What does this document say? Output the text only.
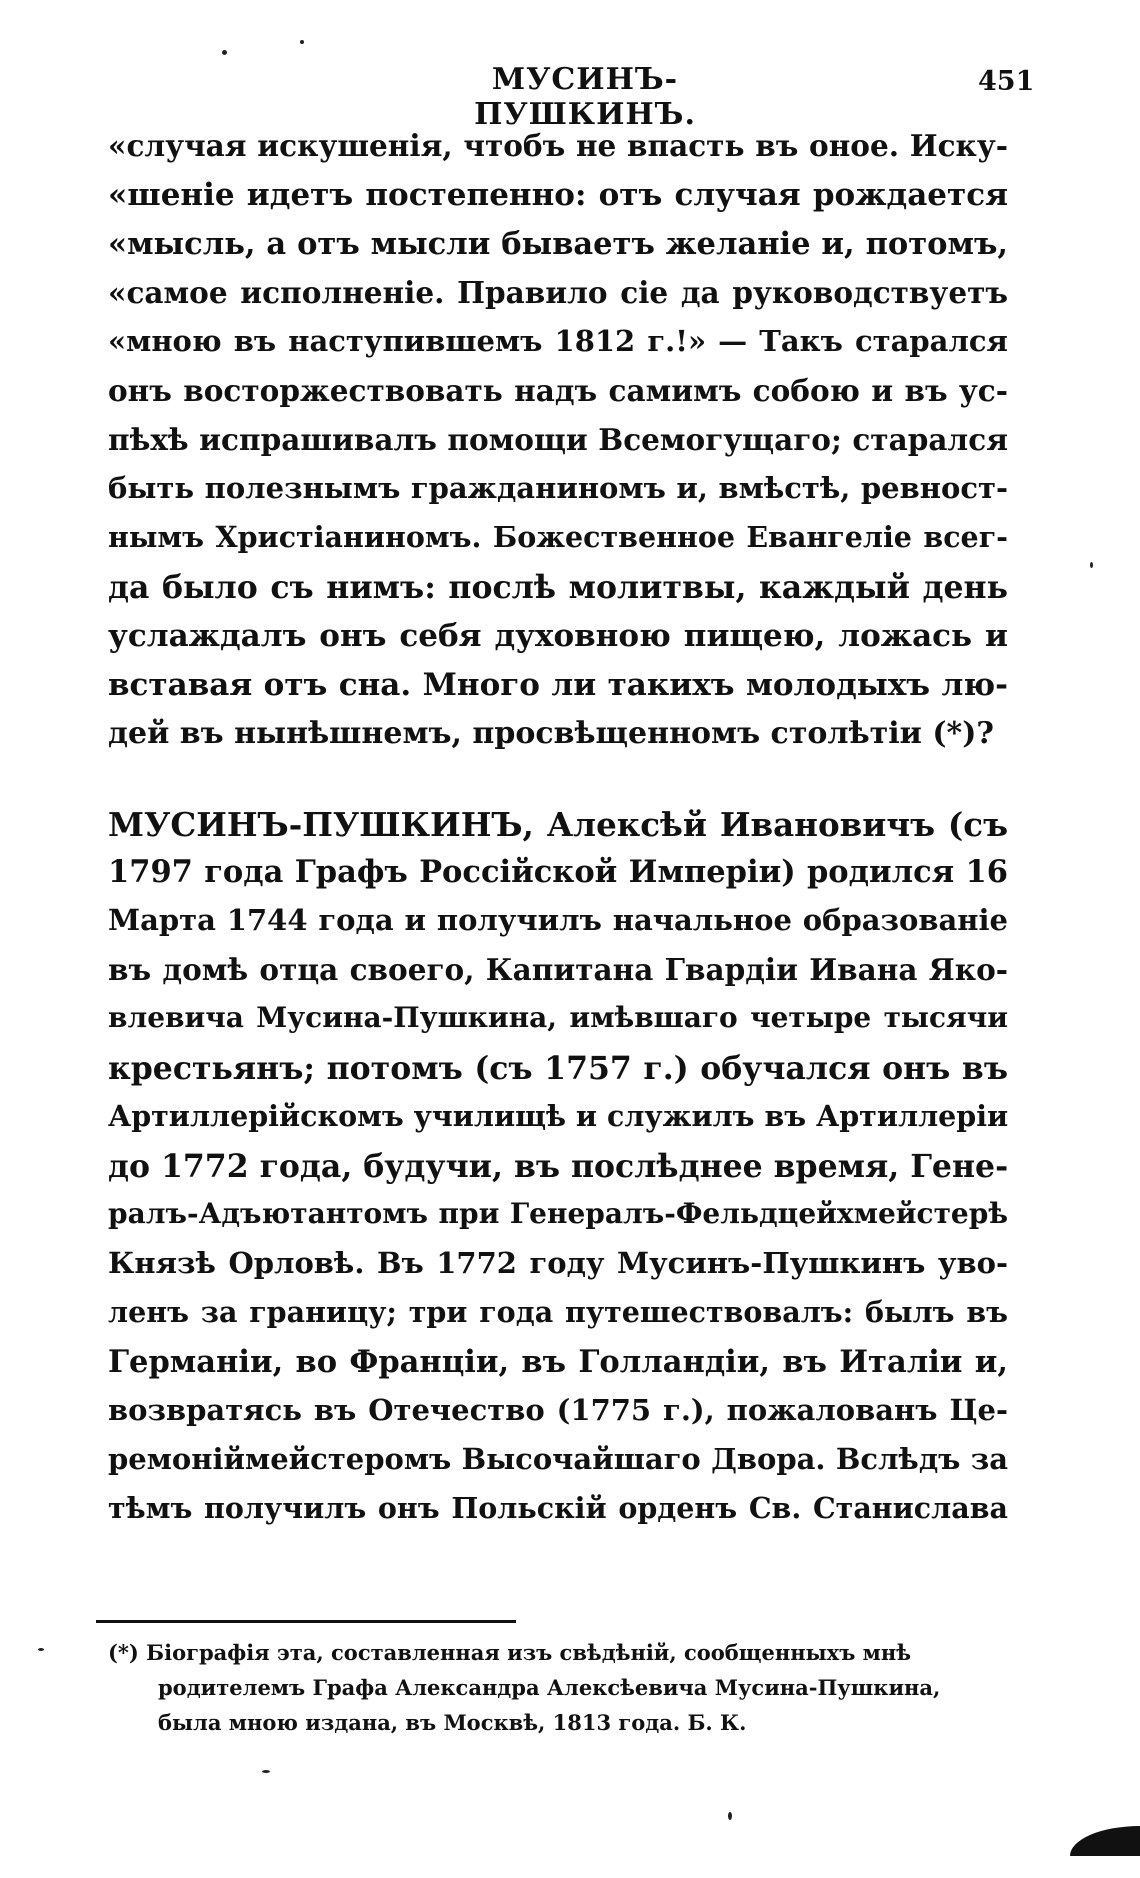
МУСИНЪ-ПУШКИНЪ.
451

«случая искушенія, чтобъ не впасть въ оное. Иску-

«шеніе идетъ постепенно: отъ случая рождается

«мысль, а отъ мысли бываетъ желаніе и, потомъ,

«самое исполненіе. Правило сіе да руководствуетъ

«мною въ наступившемъ 1812 г.!» — Такъ старался

онъ восторжествовать надъ самимъ собою и въ ус-

пѣхѣ испрашивалъ помощи Всемогущаго; старался

быть полезнымъ гражданиномъ и, вмѣстѣ, ревност-

нымъ Христіаниномъ. Божественное Евангеліе всег-

да было съ нимъ: послѣ молитвы, каждый день

услаждалъ онъ себя духовною пищею, ложась и

вставая отъ сна. Много ли такихъ молодыхъ лю-

дей въ нынѣшнемъ, просвѣщенномъ столѣтіи (*)?

МУСИНЪ-ПУШКИНЪ, Алексѣй Ивановичъ (съ

1797 года Графъ Россійской Имперіи) родился 16

Марта 1744 года и получилъ начальное образованіе

въ домѣ отца своего, Капитана Гвардіи Ивана Яко-

влевича Мусина-Пушкина, имѣвшаго четыре тысячи

крестьянъ; потомъ (съ 1757 г.) обучался онъ въ

Артиллерійскомъ училищѣ и служилъ въ Артиллеріи

до 1772 года, будучи, въ послѣднее время, Гене-

ралъ-Адъютантомъ при Генералъ-Фельдцейхмейстерѣ

Князѣ Орловѣ. Въ 1772 году Мусинъ-Пушкинъ уво-

ленъ за границу; три года путешествовалъ: былъ въ

Германіи, во Франціи, въ Голландіи, въ Италіи и,

возвратясь въ Отечество (1775 г.), пожалованъ Це-

ремоніймейстеромъ Высочайшаго Двора. Вслѣдъ за

тѣмъ получилъ онъ Польскій орденъ Св. Станислава

(*) Біографія эта, составленная изъ свѣдѣній, сообщенныхъ мнѣ

родителемъ Графа Александра Алексѣевича Мусина-Пушкина,

была мною издана, въ Москвѣ, 1813 года. Б. К.
